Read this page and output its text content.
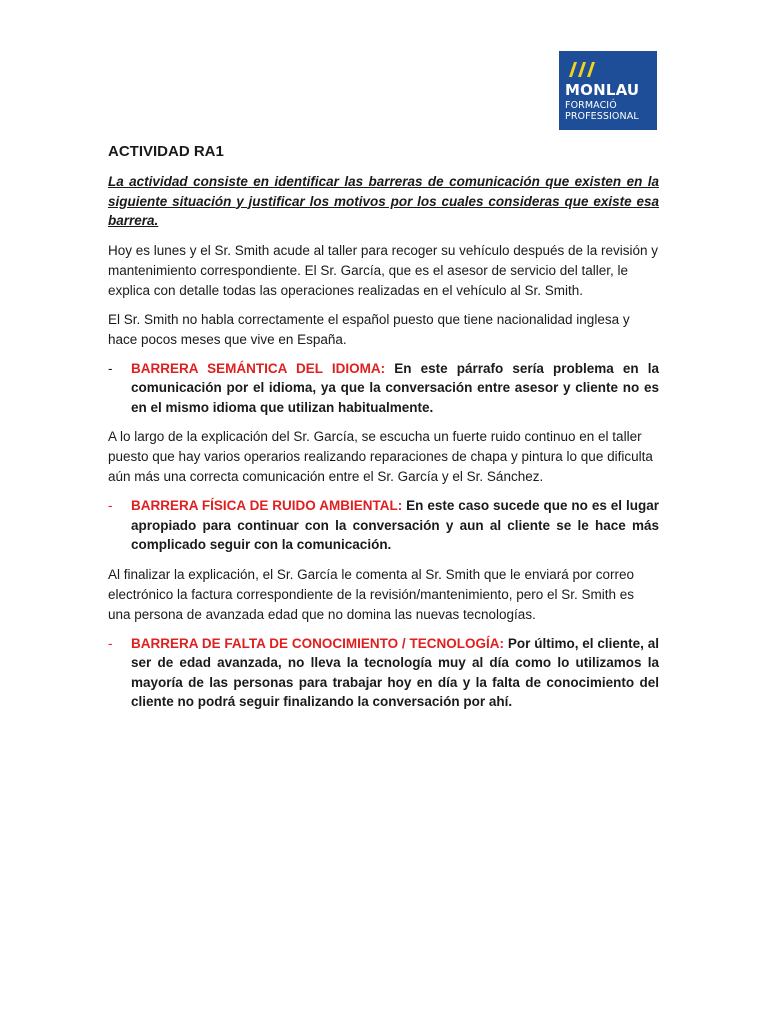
MONLAU
FORMACIÓ
PROFESSIONAL
ACTIVIDAD RA1
La actividad consiste en identificar las barreras de comunicación que existen en la siguiente situación y justificar los motivos por los cuales consideras que existe esa barrera.
Hoy es lunes y el Sr. Smith acude al taller para recoger su vehículo después de la revisión y mantenimiento correspondiente. El Sr. García, que es el asesor de servicio del taller, le explica con detalle todas las operaciones realizadas en el vehículo al Sr. Smith.
El Sr. Smith no habla correctamente el español puesto que tiene nacionalidad inglesa y hace pocos meses que vive en España.
-	BARRERA SEMÁNTICA DEL IDIOMA: En este párrafo sería problema en la comunicación por el idioma, ya que la conversación entre asesor y cliente no es en el mismo idioma que utilizan habitualmente.
A lo largo de la explicación del Sr. García, se escucha un fuerte ruido continuo en el taller puesto que hay varios operarios realizando reparaciones de chapa y pintura lo que dificulta aún más una correcta comunicación entre el Sr. García y el Sr. Sánchez.
-	BARRERA FÍSICA DE RUIDO AMBIENTAL: En este caso sucede que no es el lugar apropiado para continuar con la conversación y aun al cliente se le hace más complicado seguir con la comunicación.
Al finalizar la explicación, el Sr. García le comenta al Sr. Smith que le enviará por correo electrónico la factura correspondiente de la revisión/mantenimiento, pero el Sr. Smith es una persona de avanzada edad que no domina las nuevas tecnologías.
-	BARRERA DE FALTA DE CONOCIMIENTO / TECNOLOGÍA: Por último, el cliente, al ser de edad avanzada, no lleva la tecnología muy al día como lo utilizamos la mayoría de las personas para trabajar hoy en día y la falta de conocimiento del cliente no podrá seguir finalizando la conversación por ahí.
